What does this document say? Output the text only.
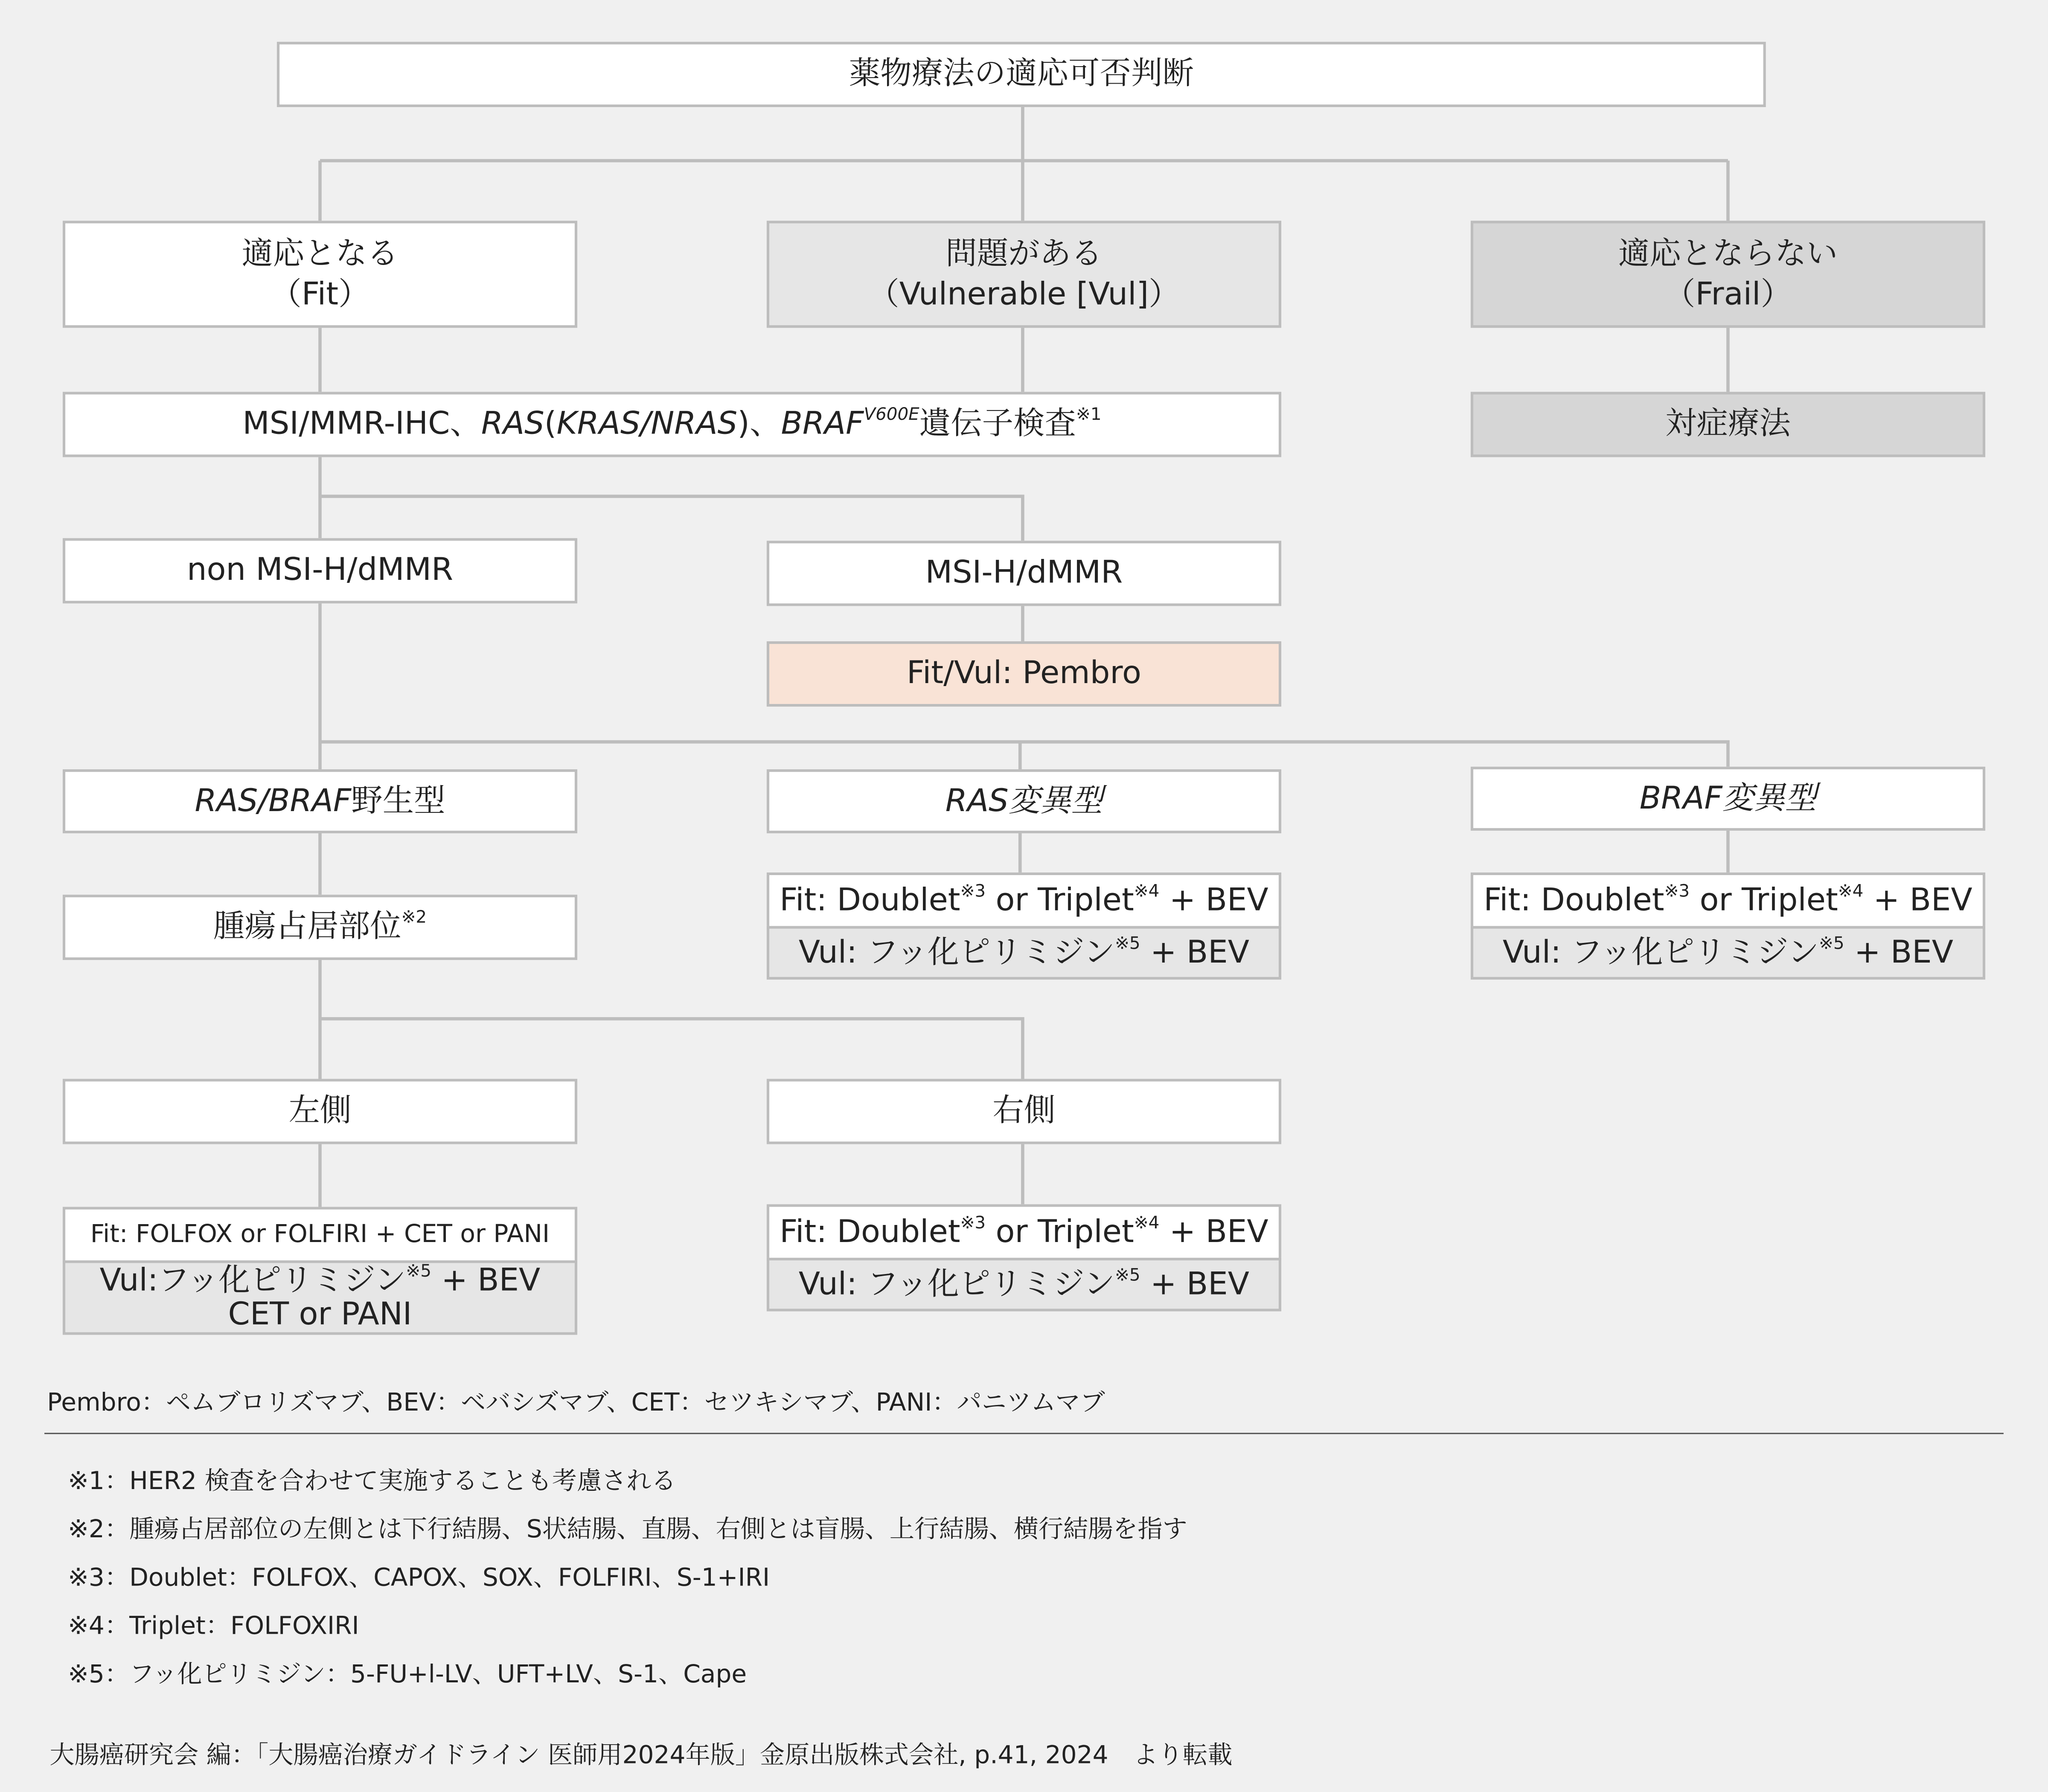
薬物療法の適応可否判断
適応となる
（Fit）
問題がある
（Vulnerable [Vul]）
適応とならない
（Frail）
MSI/MMR-IHC、RAS(KRAS/NRAS)、$BRAF^{V600E}$遺伝子検査$^{※1}$	対症療法
non MSI-H/dMMR	MSI-H/dMMR
Fit/Vul: Pembro
RAS/BRAF野生型	RAS変異型	BRAF変異型
Fit: Doublet$^{※3}$ or Triplet$^{※4}$ + BEV
Vul: フッ化ピリミジン$^{※5}$ + BEV
Fit: Doublet$^{※3}$ or Triplet$^{※4}$ + BEV
Vul: フッ化ピリミジン$^{※5}$ + BEV
腫瘍占居部位$^{※2}$
左側	右側
Fit: FOLFOX or FOLFIRI + CET or PANI
Vul:フッ化ピリミジン$^{※5}$ + BEV
CET or PANI
Fit: Doublet$^{※3}$ or Triplet$^{※4}$ + BEV
Vul: フッ化ピリミジン$^{※5}$ + BEV
Pembro：ペムブロリズマブ、BEV：ベバシズマブ、CET：セツキシマブ、PANI：パニツムマブ
※1：HER2 検査を合わせて実施することも考慮される
※2：腫瘍占居部位の左側とは下行結腸、S状結腸、直腸、右側とは盲腸、上行結腸、横行結腸を指す
※3：Doublet：FOLFOX、CAPOX、SOX、FOLFIRI、S-1+IRI
※4：Triplet：FOLFOXIRI
※5：フッ化ピリミジン：5-FU+l-LV、UFT+LV、S-1、Cape
大腸癌研究会 編：「大腸癌治療ガイドライン 医師用2024年版」金原出版株式会社, p.41, 2024　より転載
